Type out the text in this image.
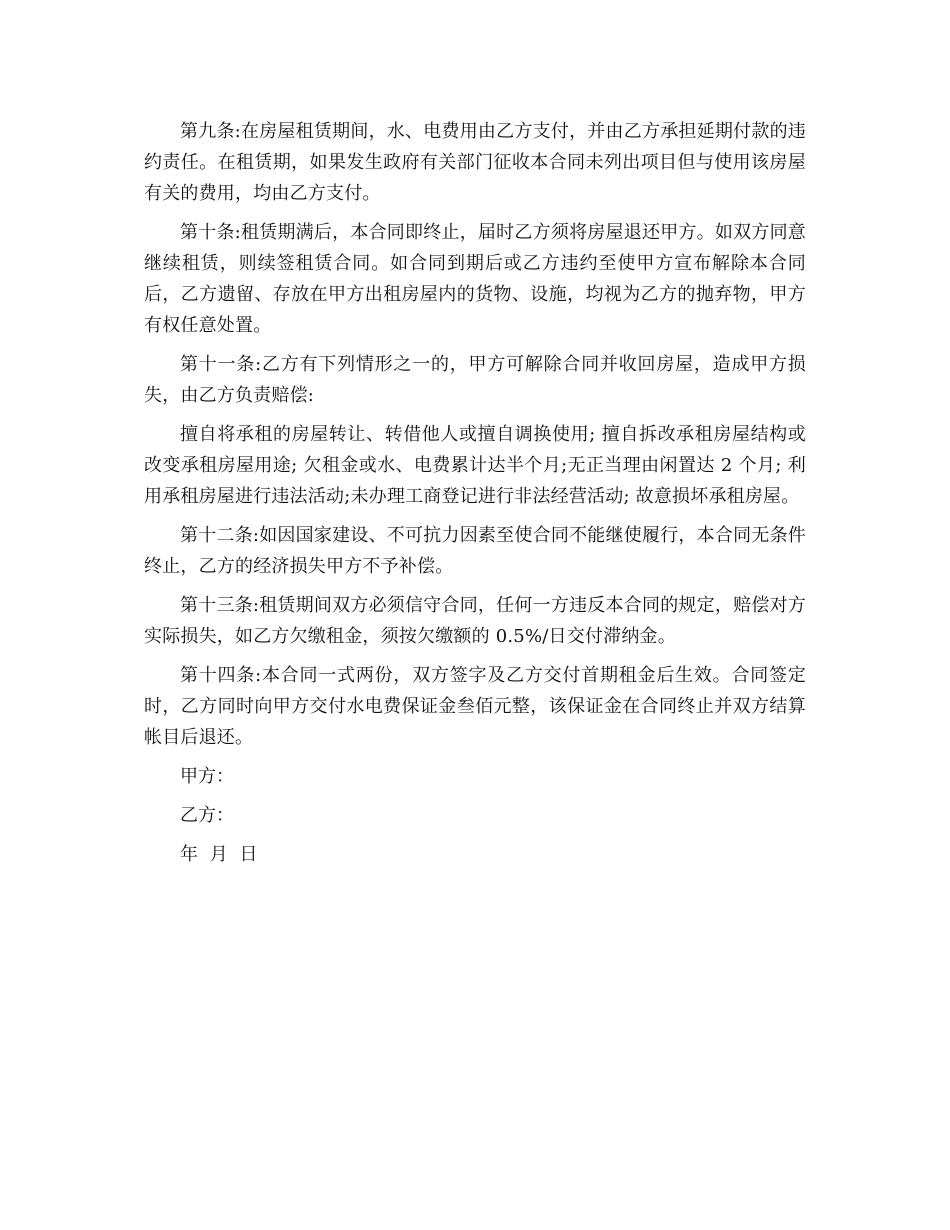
第九条:在房屋租赁期间，水、电费用由乙方支付，并由乙方承担延期付款的违约责任。在租赁期，如果发生政府有关部门征收本合同未列出项目但与使用该房屋有关的费用，均由乙方支付。

第十条:租赁期满后，本合同即终止，届时乙方须将房屋退还甲方。如双方同意继续租赁，则续签租赁合同。如合同到期后或乙方违约至使甲方宣布解除本合同后，乙方遗留、存放在甲方出租房屋内的货物、设施，均视为乙方的抛弃物，甲方有权任意处置。

第十一条:乙方有下列情形之一的，甲方可解除合同并收回房屋，造成甲方损失，由乙方负责赔偿:

擅自将承租的房屋转让、转借他人或擅自调换使用; 擅自拆改承租房屋结构或改变承租房屋用途; 欠租金或水、电费累计达半个月;无正当理由闲置达 2 个月; 利用承租房屋进行违法活动;未办理工商登记进行非法经营活动; 故意损坏承租房屋。

第十二条:如因国家建设、不可抗力因素至使合同不能继使履行，本合同无条件终止，乙方的经济损失甲方不予补偿。

第十三条:租赁期间双方必须信守合同，任何一方违反本合同的规定，赔偿对方实际损失，如乙方欠缴租金，须按欠缴额的 0.5%/日交付滞纳金。

第十四条:本合同一式两份，双方签字及乙方交付首期租金后生效。合同签定时，乙方同时向甲方交付水电费保证金叁佰元整，该保证金在合同终止并双方结算帐目后退还。

甲方：

乙方：

年 月 日
